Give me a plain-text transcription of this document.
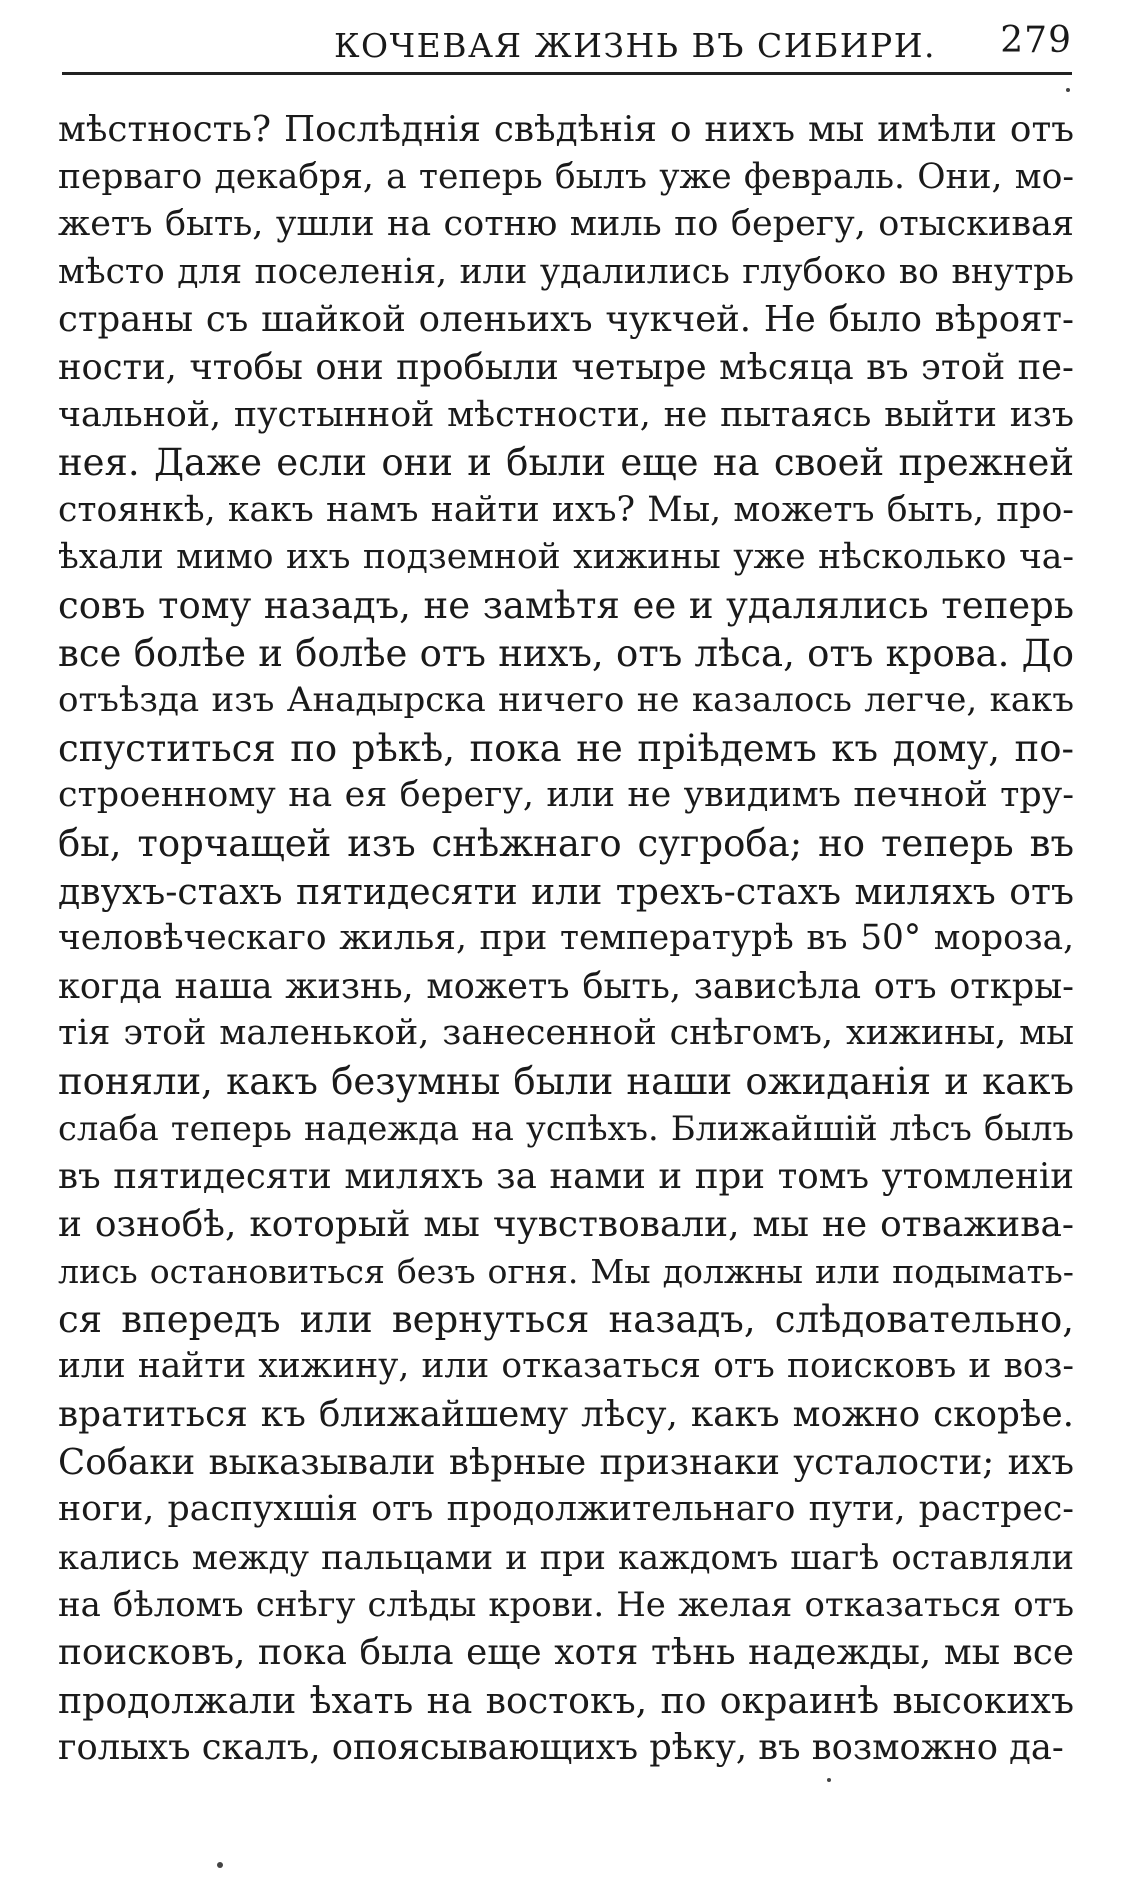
КОЧЕВАЯ ЖИЗНЬ ВЪ СИБИРИ. 279
мѣстность? Послѣднія свѣдѣнія о нихъ мы имѣли отъ
перваго декабря, а теперь былъ уже февраль. Они, мо-
жетъ быть, ушли на сотню миль по берегу, отыскивая
мѣсто для поселенія, или удалились глубоко во внутрь
страны съ шайкой оленьихъ чукчей. Не было вѣроят-
ности, чтобы они пробыли четыре мѣсяца въ этой пе-
чальной, пустынной мѣстности, не пытаясь выйти изъ
нея. Даже если они и были еще на своей прежней
стоянкѣ, какъ намъ найти ихъ? Мы, можетъ быть, про-
ѣхали мимо ихъ подземной хижины уже нѣсколько ча-
совъ тому назадъ, не замѣтя ее и удалялись теперь
все болѣе и болѣе отъ нихъ, отъ лѣса, отъ крова. До
отъѣзда изъ Анадырска ничего не казалось легче, какъ
спуститься по рѣкѣ, пока не пріѣдемъ къ дому, по-
строенному на ея берегу, или не увидимъ печной тру-
бы, торчащей изъ снѣжнаго сугроба; но теперь въ
двухъ-стахъ пятидесяти или трехъ-стахъ миляхъ отъ
человѣческаго жилья, при температурѣ въ 50° мороза,
когда наша жизнь, можетъ быть, зависѣла отъ откры-
тія этой маленькой, занесенной снѣгомъ, хижины, мы
поняли, какъ безумны были наши ожиданія и какъ
слаба теперь надежда на успѣхъ. Ближайшій лѣсъ былъ
въ пятидесяти миляхъ за нами и при томъ утомленіи
и ознобѣ, который мы чувствовали, мы не отважива-
лись остановиться безъ огня. Мы должны или подымать-
ся впередъ или вернуться назадъ, слѣдовательно,
или найти хижину, или отказаться отъ поисковъ и воз-
вратиться къ ближайшему лѣсу, какъ можно скорѣе.
Собаки выказывали вѣрные признаки усталости; ихъ
ноги, распухшія отъ продолжительнаго пути, растрес-
кались между пальцами и при каждомъ шагѣ оставляли
на бѣломъ снѣгу слѣды крови. Не желая отказаться отъ
поисковъ, пока была еще хотя тѣнь надежды, мы все
продолжали ѣхать на востокъ, по окраинѣ высокихъ
голыхъ скалъ, опоясывающихъ рѣку, въ возможно да-
